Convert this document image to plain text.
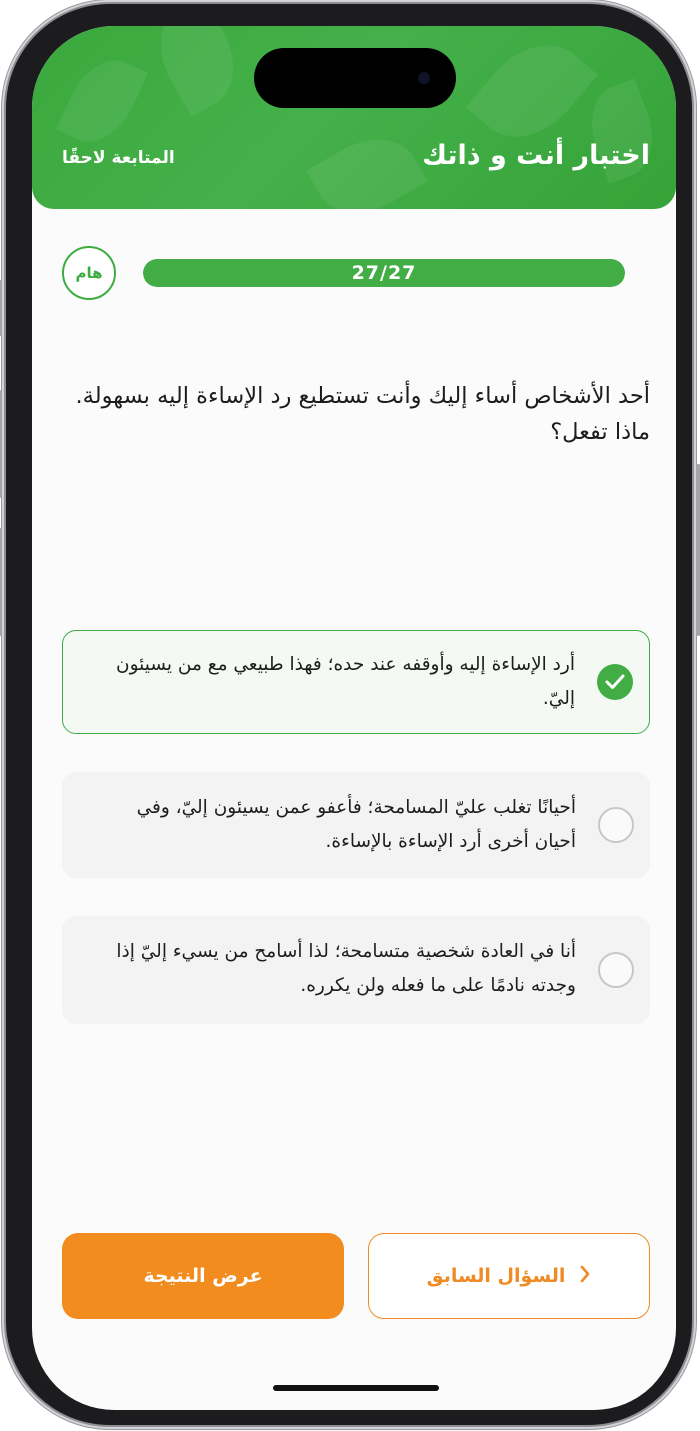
اختبار أنت و ذاتك
المتابعة لاحقًا
هام	27/27
أحد الأشخاص أساء إليك وأنت تستطيع رد الإساءة إليه بسهولة. ماذا تفعل؟
أرد الإساءة إليه وأوقفه عند حده؛ فهذا طبيعي مع من يسيئون إليّ.
أحيانًا تغلب عليّ المسامحة؛ فأعفو عمن يسيئون إليّ، وفي أحيان أخرى أرد الإساءة بالإساءة.
أنا في العادة شخصية متسامحة؛ لذا أسامح من يسيء إليّ إذا وجدته نادمًا على ما فعله ولن يكرره.
السؤال السابق
عرض النتيجة
